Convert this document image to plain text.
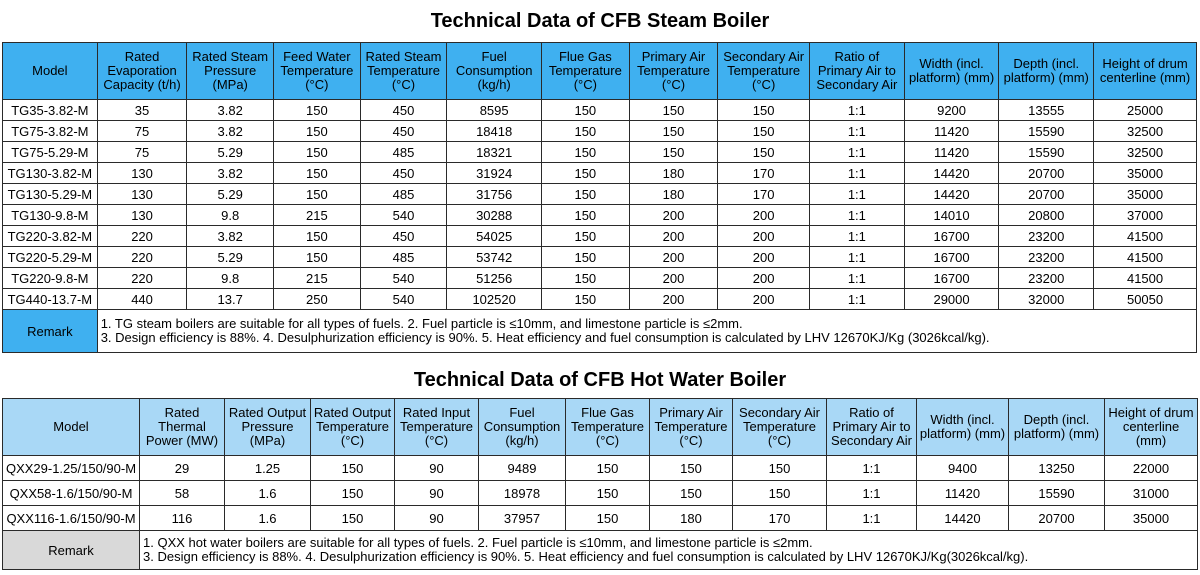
Technical Data of CFB Steam Boiler
Model	Rated Evaporation Capacity (t/h)	Rated Steam Pressure (MPa)	Feed Water Temperature (°C)	Rated Steam Temperature (°C)	Fuel Consumption (kg/h)	Flue Gas Temperature (°C)	Primary Air Temperature (°C)	Secondary Air Temperature (°C)	Ratio of Primary Air to Secondary Air	Width (incl. platform) (mm)	Depth (incl. platform) (mm)	Height of drum centerline (mm)
TG35-3.82-M	35	3.82	150	450	8595	150	150	150	1:1	9200	13555	25000
TG75-3.82-M	75	3.82	150	450	18418	150	150	150	1:1	11420	15590	32500
TG75-5.29-M	75	5.29	150	485	18321	150	150	150	1:1	11420	15590	32500
TG130-3.82-M	130	3.82	150	450	31924	150	180	170	1:1	14420	20700	35000
TG130-5.29-M	130	5.29	150	485	31756	150	180	170	1:1	14420	20700	35000
TG130-9.8-M	130	9.8	215	540	30288	150	200	200	1:1	14010	20800	37000
TG220-3.82-M	220	3.82	150	450	54025	150	200	200	1:1	16700	23200	41500
TG220-5.29-M	220	5.29	150	485	53742	150	200	200	1:1	16700	23200	41500
TG220-9.8-M	220	9.8	215	540	51256	150	200	200	1:1	16700	23200	41500
TG440-13.7-M	440	13.7	250	540	102520	150	200	200	1:1	29000	32000	50050
Remark	1. TG steam boilers are suitable for all types of fuels. 2. Fuel particle is ≤10mm, and limestone particle is ≤2mm.
3. Design efficiency is 88%. 4. Desulphurization efficiency is 90%. 5. Heat efficiency and fuel consumption is calculated by LHV 12670KJ/Kg (3026kcal/kg).											
Technical Data of CFB Hot Water Boiler
Model	Rated Thermal Power (MW)	Rated Output Pressure (MPa)	Rated Output Temperature (°C)	Rated Input Temperature (°C)	Fuel Consumption (kg/h)	Flue Gas Temperature (°C)	Primary Air Temperature (°C)	Secondary Air Temperature (°C)	Ratio of Primary Air to Secondary Air	Width (incl. platform) (mm)	Depth (incl. platform) (mm)	Height of drum centerline (mm)
QXX29-1.25/150/90-M	29	1.25	150	90	9489	150	150	150	1:1	9400	13250	22000
QXX58-1.6/150/90-M	58	1.6	150	90	18978	150	150	150	1:1	11420	15590	31000
QXX116-1.6/150/90-M	116	1.6	150	90	37957	150	180	170	1:1	14420	20700	35000
Remark	1. QXX hot water boilers are suitable for all types of fuels. 2. Fuel particle is ≤10mm, and limestone particle is ≤2mm.
3. Design efficiency is 88%. 4. Desulphurization efficiency is 90%. 5. Heat efficiency and fuel consumption is calculated by LHV 12670KJ/Kg(3026kcal/kg).											
